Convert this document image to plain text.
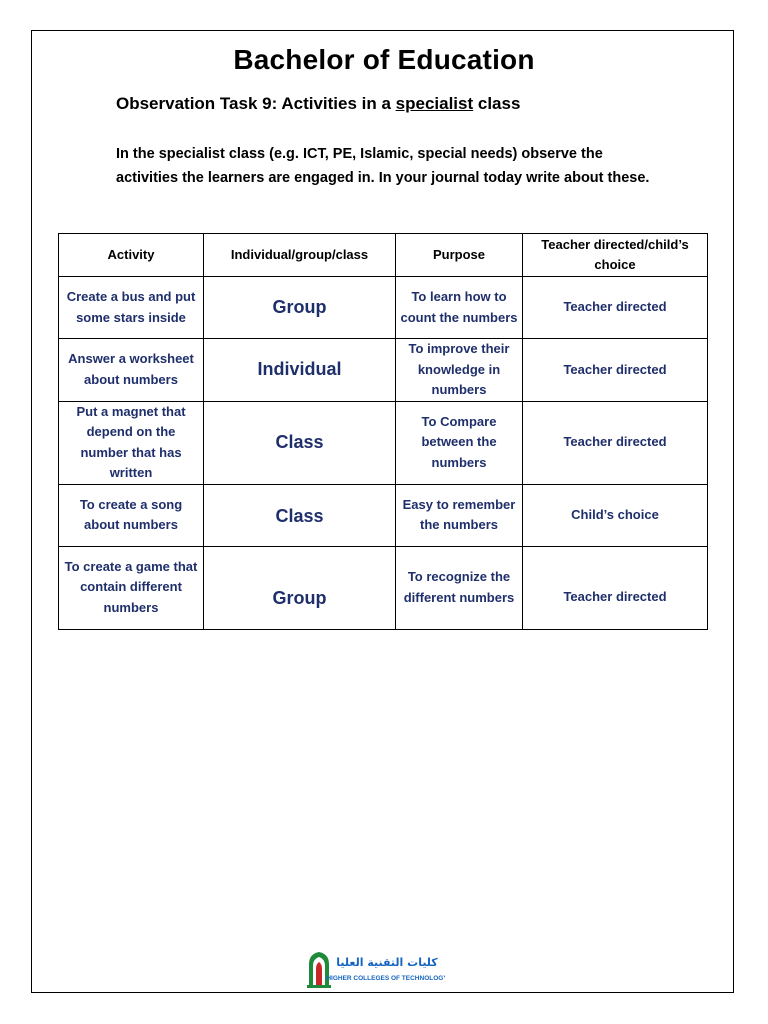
Bachelor of Education
Observation Task 9: Activities in a specialist class
In the specialist class (e.g. ICT, PE, Islamic, special needs) observe the activities the learners are engaged in. In your journal today write about these.
Activity	Individual/group/class	Purpose	Teacher directed/child’s choice
Create a bus and put some stars inside	Group	To learn how to count the numbers	Teacher directed
Answer a worksheet about numbers	Individual	To improve their knowledge in numbers	Teacher directed
Put a magnet that depend on the number that has written	Class	To Compare between the numbers	Teacher directed
To create a song about numbers	Class	Easy to remember the numbers	Child’s choice
To create a game that contain different numbers	Group	To recognize the different numbers	Teacher directed
كليات التقنية العليا
HIGHER COLLEGES OF TECHNOLOGY
